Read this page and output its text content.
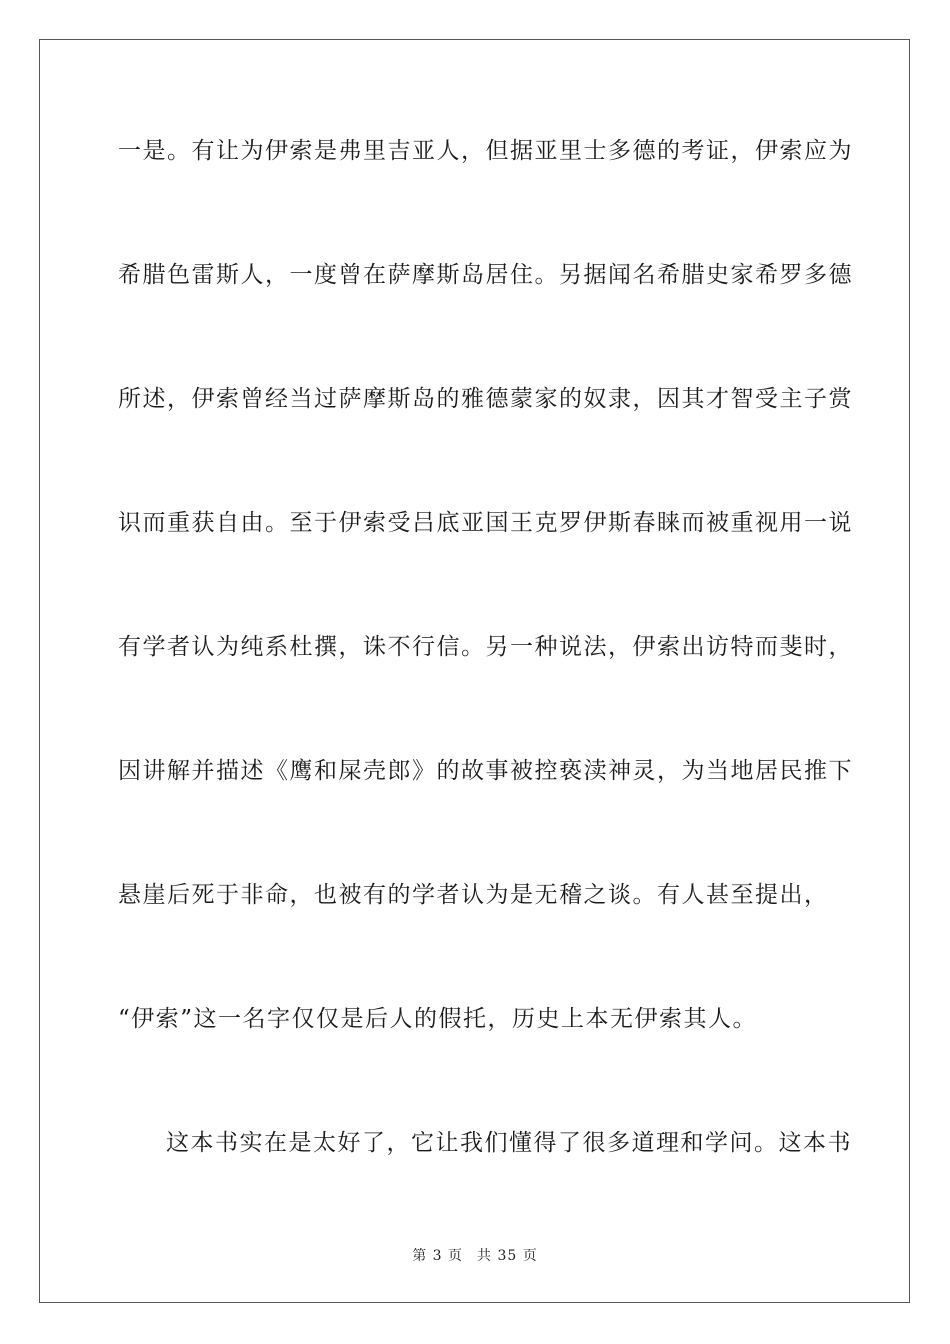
一是。有让为伊索是弗里吉亚人，但据亚里士多德的考证，伊索应为
希腊色雷斯人，一度曾在萨摩斯岛居住。另据闻名希腊史家希罗多德
所述，伊索曾经当过萨摩斯岛的雅德蒙家的奴隶，因其才智受主子赏
识而重获自由。至于伊索受吕底亚国王克罗伊斯春睐而被重视用一说
有学者认为纯系杜撰，诛不行信。另一种说法，伊索出访特而斐时，
因讲解并描述《鹰和屎壳郎》的故事被控亵渎神灵，为当地居民推下
悬崖后死于非命，也被有的学者认为是无稽之谈。有人甚至提出，
“伊索”这一名字仅仅是后人的假托，历史上本无伊索其人。
这本书实在是太好了，它让我们懂得了很多道理和学问。这本书
第 3 页 共 35 页
